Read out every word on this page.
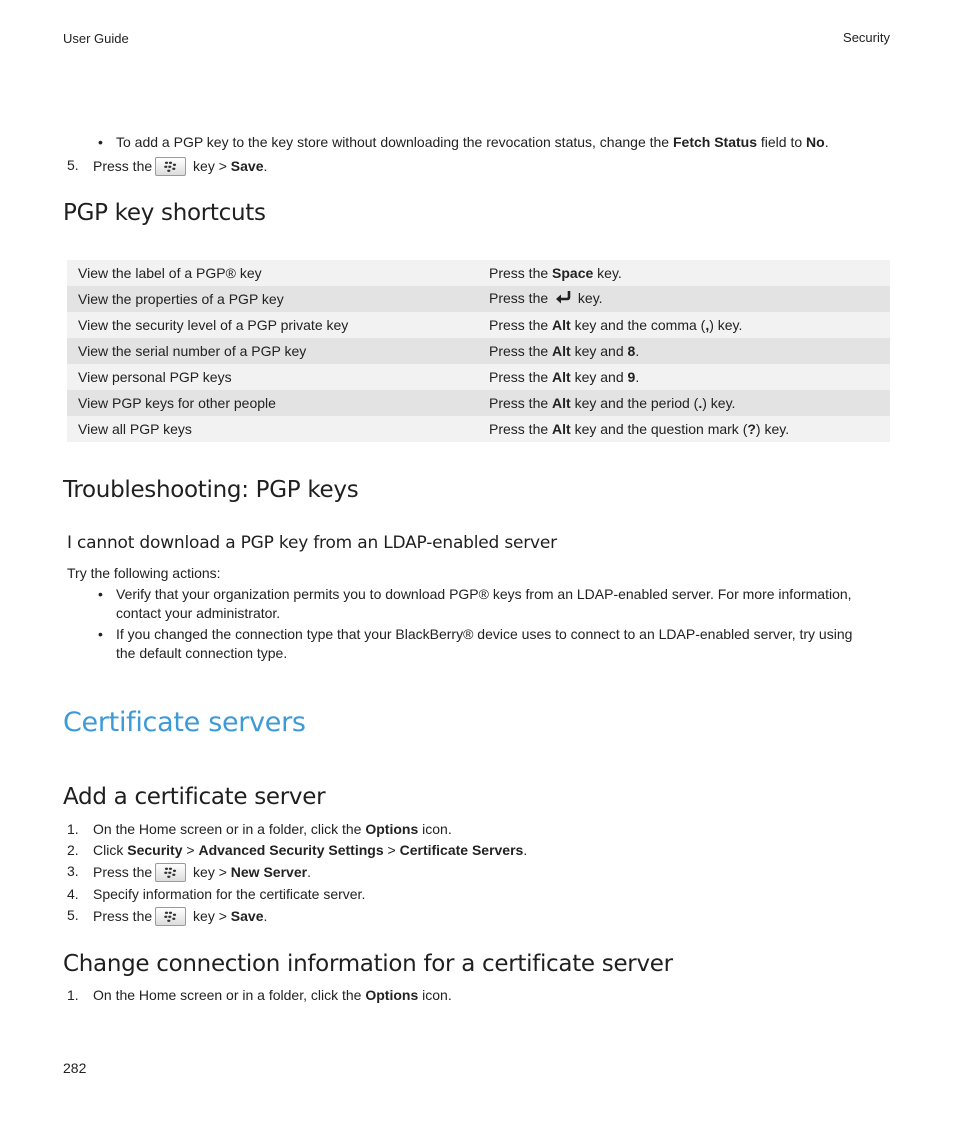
User Guide	Security
• To add a PGP key to the key store without downloading the revocation status, change the Fetch Status field to No.
5. Press the	key > Save.
PGP key shortcuts
View the label of a PGP® key	Press the Space key.
View the properties of a PGP key	Press the  key.
View the security level of a PGP private key	Press the Alt key and the comma (,) key.
View the serial number of a PGP key	Press the Alt key and 8.
View personal PGP keys	Press the Alt key and 9.
View PGP keys for other people	Press the Alt key and the period (.) key.
View all PGP keys	Press the Alt key and the question mark (?) key.
Troubleshooting: PGP keys
I cannot download a PGP key from an LDAP-enabled server
Try the following actions:
• Verify that your organization permits you to download PGP® keys from an LDAP-enabled server. For more information,
contact your administrator.
• If you changed the connection type that your BlackBerry® device uses to connect to an LDAP-enabled server, try using
the default connection type.
Certificate servers
Add a certificate server
1. On the Home screen or in a folder, click the Options icon.
2. Click Security > Advanced Security Settings > Certificate Servers.
3. Press the	key > New Server.
4. Specify information for the certificate server.
5. Press the	key > Save.
Change connection information for a certificate server
1. On the Home screen or in a folder, click the Options icon.
282
